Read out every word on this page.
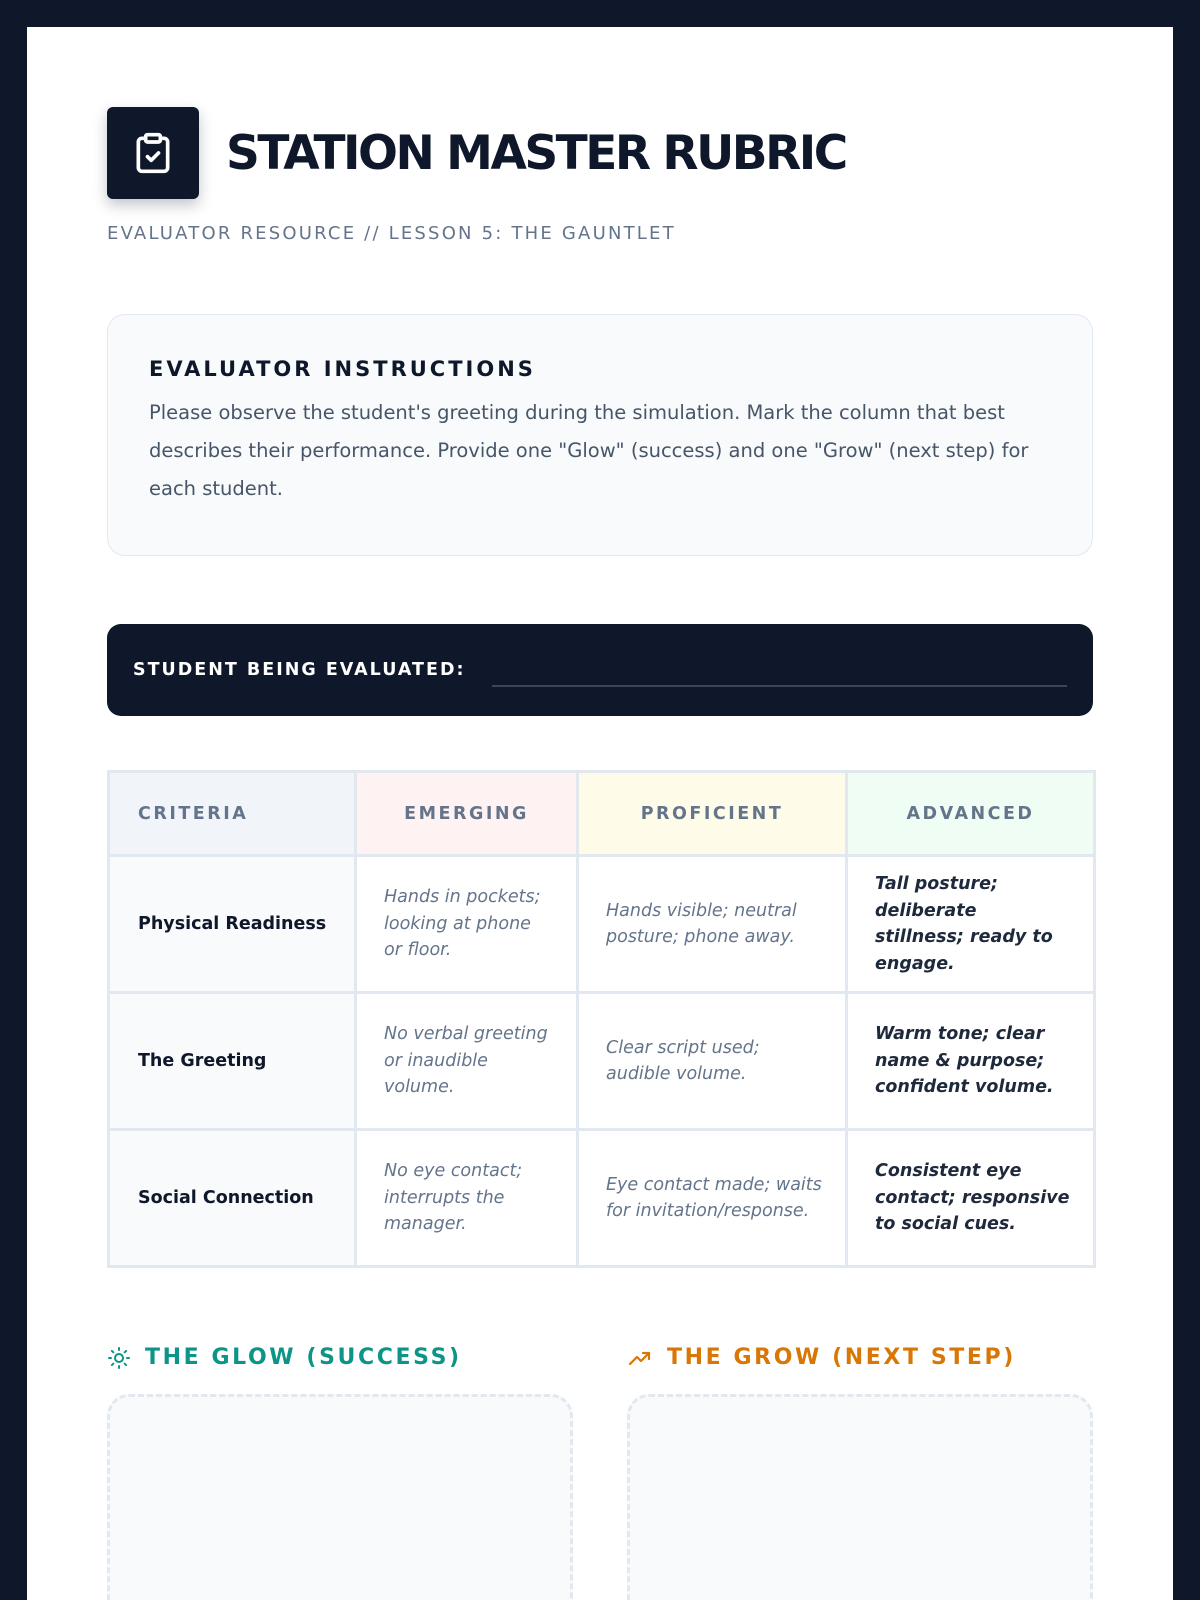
STATION MASTER RUBRIC
EVALUATOR RESOURCE // LESSON 5: THE GAUNTLET
EVALUATOR INSTRUCTIONS

Please observe the student's greeting during the simulation. Mark the column that best describes their performance. Provide one "Glow" (success) and one "Grow" (next step) for each student.

STUDENT BEING EVALUATED:
CRITERIA	EMERGING	PROFICIENT	ADVANCED
Physical Readiness	Hands in pockets; looking at phone or floor.	Hands visible; neutral posture; phone away.	Tall posture; deliberate stillness; ready to engage.
The Greeting	No verbal greeting or inaudible volume.	Clear script used; audible volume.	Warm tone; clear name & purpose; confident volume.
Social Connection	No eye contact; interrupts the manager.	Eye contact made; waits for invitation/response.	Consistent eye contact; responsive to social cues.
THE GLOW (SUCCESS)	THE GROW (NEXT STEP)
